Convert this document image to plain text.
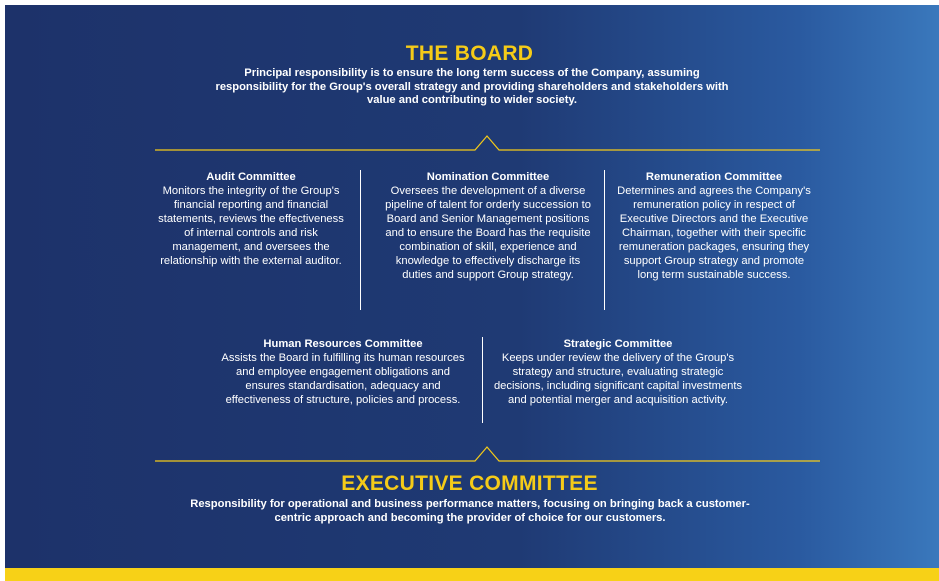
THE BOARD
Principal responsibility is to ensure the long term success of the Company, assuming responsibility for the Group's overall strategy and providing shareholders and stakeholders with value and contributing to wider society.
Audit Committee
Monitors the integrity of the Group's financial reporting and financial statements, reviews the effectiveness of internal controls and risk management, and oversees the relationship with the external auditor.
Nomination Committee
Oversees the development of a diverse pipeline of talent for orderly succession to Board and Senior Management positions and to ensure the Board has the requisite combination of skill, experience and knowledge to effectively discharge its duties and support Group strategy.
Remuneration Committee
Determines and agrees the Company's remuneration policy in respect of Executive Directors and the Executive Chairman, together with their specific remuneration packages, ensuring they support Group strategy and promote long term sustainable success.
Human Resources Committee
Assists the Board in fulfilling its human resources and employee engagement obligations and ensures standardisation, adequacy and effectiveness of structure, policies and process.
Strategic Committee
Keeps under review the delivery of the Group's strategy and structure, evaluating strategic decisions, including significant capital investments and potential merger and acquisition activity.
EXECUTIVE COMMITTEE
Responsibility for operational and business performance matters, focusing on bringing back a customer-centric approach and becoming the provider of choice for our customers.
